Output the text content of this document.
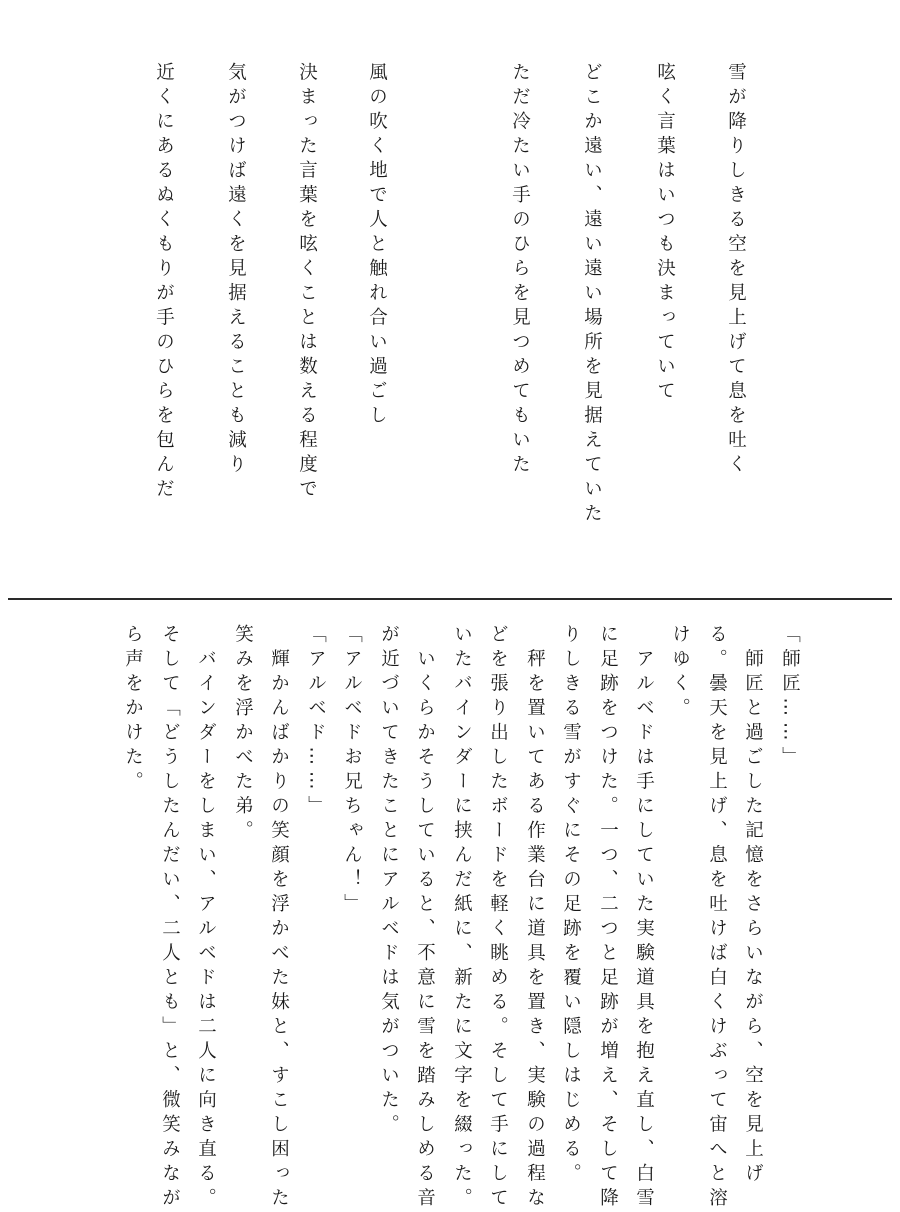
雪が降りしきる空を見上げて息を吐く
呟く言葉はいつも決まっていて
どこか遠い、遠い遠い場所を見据えていた
ただ冷たい手のひらを見つめてもいた
風の吹く地で人と触れ合い過ごし
決まった言葉を呟くことは数える程度で
気がつけば遠くを見据えることも減り
近くにあるぬくもりが手のひらを包んだ
「師匠……」
　師匠と過ごした記憶をさらいながら、空を見上げ
る。曇天を見上げ、息を吐けば白くけぶって宙へと溶
けゆく。
　アルベドは手にしていた実験道具を抱え直し、白雪
に足跡をつけた。一つ、二つと足跡が増え、そして降
りしきる雪がすぐにその足跡を覆い隠しはじめる。
　秤を置いてある作業台に道具を置き、実験の過程な
どを張り出したボードを軽く眺める。そして手にして
いたバインダーに挟んだ紙に、新たに文字を綴った。
　いくらかそうしていると、不意に雪を踏みしめる音
が近づいてきたことにアルベドは気がついた。
「アルベドお兄ちゃん！」
「アルベド……」
　輝かんばかりの笑顔を浮かべた妹と、すこし困った
笑みを浮かべた弟。
　バインダーをしまい、アルベドは二人に向き直る。
そして「どうしたんだい、二人とも」と、微笑みなが
ら声をかけた。
